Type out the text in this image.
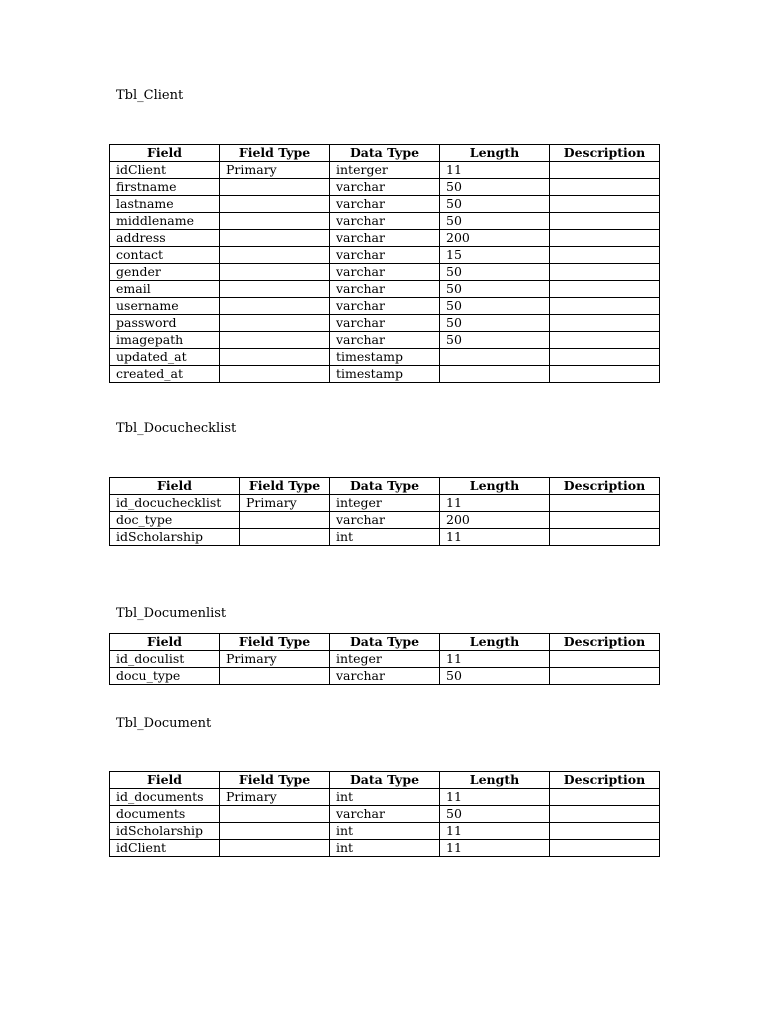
Tbl_Client
Field	Field Type	Data Type	Length	Description
idClient	Primary	interger	11	
firstname		varchar	50	
lastname		varchar	50	
middlename		varchar	50	
address		varchar	200	
contact		varchar	15	
gender		varchar	50	
email		varchar	50	
username		varchar	50	
password		varchar	50	
imagepath		varchar	50	
updated_at		timestamp		
created_at		timestamp		
Tbl_Docuchecklist
Field	Field Type	Data Type	Length	Description
id_docuchecklist	Primary	integer	11	
doc_type		varchar	200	
idScholarship		int	11	
Tbl_Documenlist
Field	Field Type	Data Type	Length	Description
id_doculist	Primary	integer	11	
docu_type		varchar	50	
Tbl_Document
Field	Field Type	Data Type	Length	Description
id_documents	Primary	int	11	
documents		varchar	50	
idScholarship		int	11	
idClient		int	11	
